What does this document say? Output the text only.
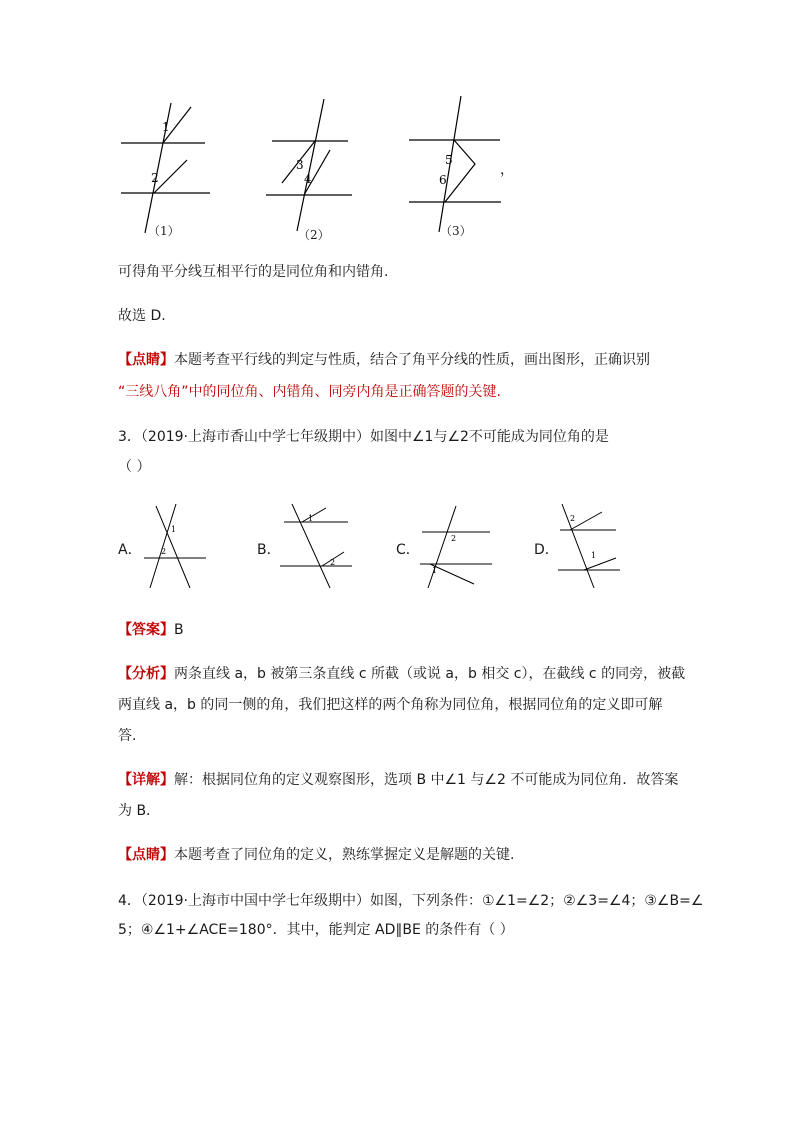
1
2
（1）
3
4
（2）
5
6
（3）
，
可得角平分线互相平行的是同位角和内错角.
故选 D.
【点睛】本题考查平行线的判定与性质，结合了角平分线的性质，画出图形，正确识别
“三线八角”中的同位角、内错角、同旁内角是正确答题的关键.
3．（2019·上海市香山中学七年级期中）如图中∠1与∠2不可能成为同位角的是
（ ）
A．
1
2	B．
1
2
C．
2
1
D．
2
1
【答案】B
【分析】两条直线 a，b 被第三条直线 c 所截（或说 a，b 相交 c），在截线 c 的同旁，被截
两直线 a，b 的同一侧的角，我们把这样的两个角称为同位角，根据同位角的定义即可解
答.
【详解】解：根据同位角的定义观察图形，选项 B 中∠1 与∠2 不可能成为同位角．故答案
为 B．
【点睛】本题考查了同位角的定义，熟练掌握定义是解题的关键.
4．（2019·上海市中国中学七年级期中）如图，下列条件：①∠1=∠2；②∠3=∠4；③∠B=∠
5；④∠1+∠ACE=180°．其中，能判定 AD∥BE 的条件有（ ）
